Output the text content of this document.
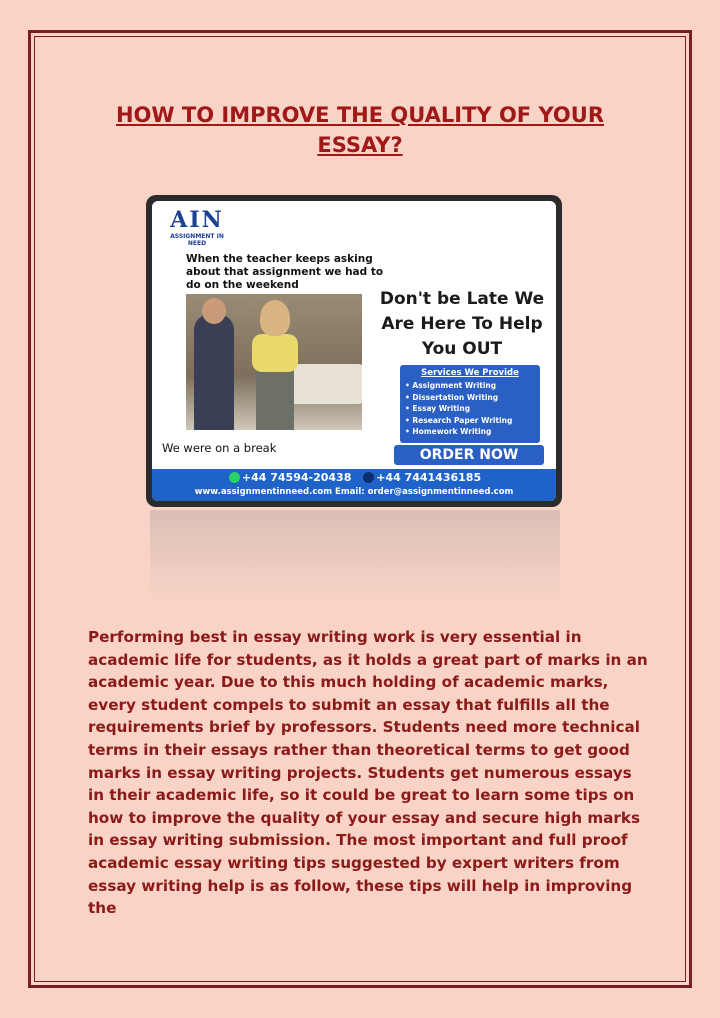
HOW TO IMPROVE THE QUALITY OF YOUR ESSAY?
AIN
ASSIGNMENT IN NEED
When the teacher keeps asking about that assignment we had to do on the weekend
We were on a break
Don't be Late We Are Here To Help You OUT
Services We Provide
• Assignment Writing
• Dissertation Writing
• Essay Writing
• Research Paper Writing
• Homework Writing
ORDER NOW
+44 74594-20438 +44 7441436185
www.assignmentinneed.com Email: order@assignmentinneed.com

Performing best in essay writing work is very essential in academic life for students, as it holds a great part of marks in an academic year. Due to this much holding of academic marks, every student compels to submit an essay that fulfills all the requirements brief by professors. Students need more technical terms in their essays rather than theoretical terms to get good marks in essay writing projects. Students get numerous essays in their academic life, so it could be great to learn some tips on how to improve the quality of your essay and secure high marks in essay writing submission. The most important and full proof academic essay writing tips suggested by expert writers from essay writing help is as follow, these tips will help in improving the
